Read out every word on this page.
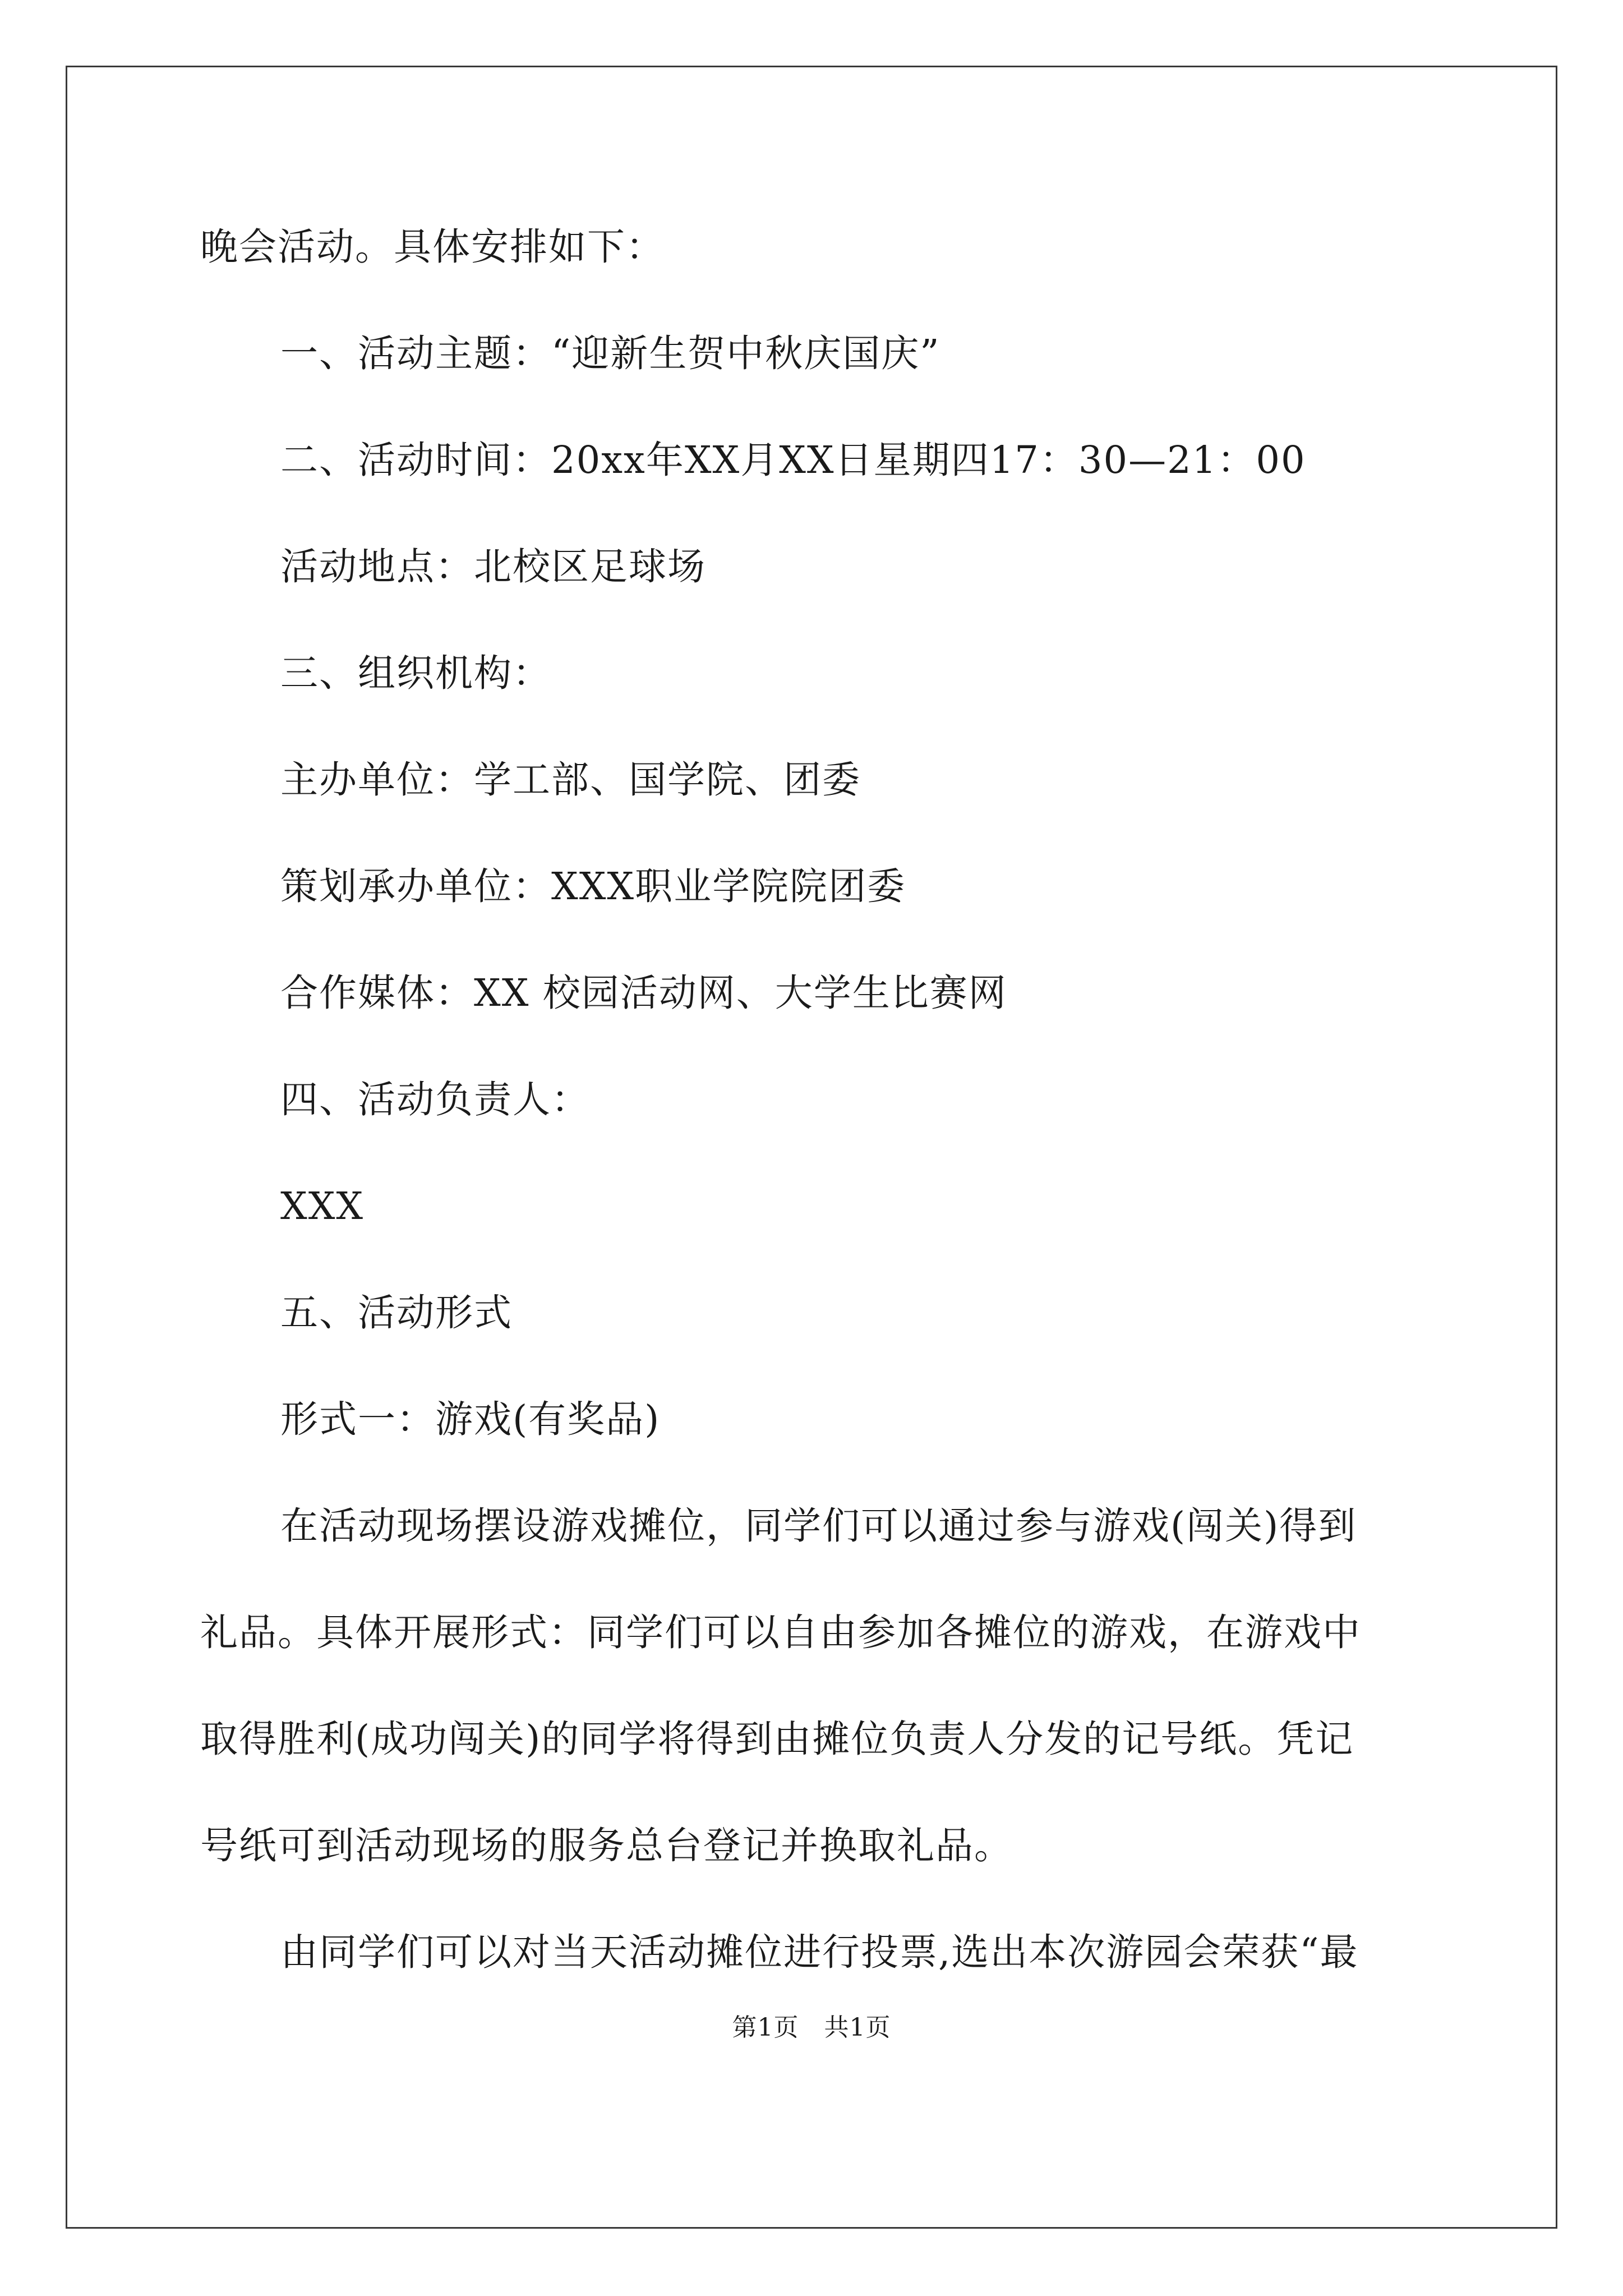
晚会活动。具体安排如下：
一、活动主题：“迎新生贺中秋庆国庆”
二、活动时间：20xx年XX月XX日星期四17：30—21：00
活动地点：北校区足球场
三、组织机构：
主办单位：学工部、国学院、团委
策划承办单位：XXX职业学院院团委
合作媒体：XX 校园活动网、大学生比赛网
四、活动负责人：
XXX
五、活动形式
形式一：游戏(有奖品)
在活动现场摆设游戏摊位，同学们可以通过参与游戏(闯关)得到
礼品。具体开展形式：同学们可以自由参加各摊位的游戏，在游戏中
取得胜利(成功闯关)的同学将得到由摊位负责人分发的记号纸。凭记
号纸可到活动现场的服务总台登记并换取礼品。
由同学们可以对当天活动摊位进行投票,选出本次游园会荣获“最
第1页　共1页
